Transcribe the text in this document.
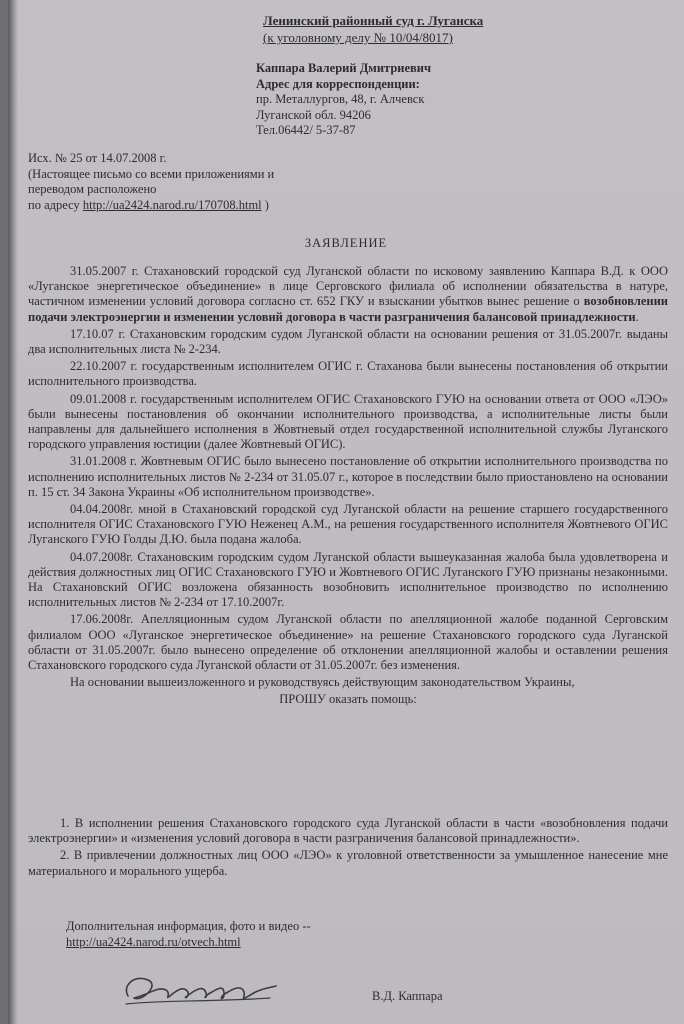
Ленинский районный суд г. Луганска
(к уголовному делу № 10/04/8017)
Каппара Валерий Дмитриевич
Адрес для корреспонденции:
пр. Металлургов, 48, г. Алчевск
Луганской обл. 94206
Тел.06442/ 5-37-87
Исх. № 25 от 14.07.2008 г.
(Настоящее письмо со всеми приложениями и
переводом расположено
по адресу http://ua2424.narod.ru/170708.html )
ЗАЯВЛЕНИЕ

31.05.2007 г. Стахановский городской суд Луганской области по исковому заявлению Каппара В.Д. к ООО «Луганское энергетическое объединение» в лице Серговского филиала об исполнении обязательства в натуре, частичном изменении условий договора согласно ст. 652 ГКУ и взыскании убытков вынес решение о возобновлении подачи электроэнергии и изменении условий договора в части разграничения балансовой принадлежности.

17.10.07 г. Стахановским городским судом Луганской области на основании решения от 31.05.2007г. выданы два исполнительных листа № 2-234.

22.10.2007 г. государственным исполнителем ОГИС г. Стаханова были вынесены постановления об открытии исполнительного производства.

09.01.2008 г. государственным исполнителем ОГИС Стахановского ГУЮ на основании ответа от ООО «ЛЭО» были вынесены постановления об окончании исполнительного производства, а исполнительные листы были направлены для дальнейшего исполнения в Жовтневый отдел государственной исполнительной службы Луганского городского управления юстиции (далее Жовтневый ОГИС).

31.01.2008 г. Жовтневым ОГИС было вынесено постановление об открытии исполнительного производства по исполнению исполнительных листов № 2-234 от 31.05.07 г., которое в последствии было приостановлено на основании п. 15 ст. 34 Закона Украины «Об исполнительном производстве».

04.04.2008г. мной в Стахановский городской суд Луганской области на решение старшего государственного исполнителя ОГИС Стахановского ГУЮ Неженец А.М., на решения государственного исполнителя Жовтневого ОГИС Луганского ГУЮ Голды Д.Ю. была подана жалоба.

04.07.2008г. Стахановским городским судом Луганской области вышеуказанная жалоба была удовлетворена и действия должностных лиц ОГИС Стахановского ГУЮ и Жовтневого ОГИС Луганского ГУЮ признаны незаконными. На Стахановский ОГИС возложена обязанность возобновить исполнительное производство по исполнению исполнительных листов № 2-234 от 17.10.2007г.

17.06.2008г. Апелляционным судом Луганской области по апелляционной жалобе поданной Серговским филиалом ООО «Луганское энергетическое объединение» на решение Стахановского городского суда Луганской области от 31.05.2007г. было вынесено определение об отклонении апелляционной жалобы и оставлении решения Стахановского городского суда Луганской области от 31.05.2007г. без изменения.

На основании вышеизложенного и руководствуясь действующим законодательством Украины,

ПРОШУ оказать помощь:

1. В исполнении решения Стахановского городского суда Луганской области в части «возобновления подачи электроэнергии» и «изменения условий договора в части разграничения балансовой принадлежности».

2. В привлечении должностных лиц ООО «ЛЭО» к уголовной ответственности за умышленное нанесение мне материального и морального ущерба.

Дополнительная информация, фото и видео --
http://ua2424.narod.ru/otvech.html
В.Д. Каппара
